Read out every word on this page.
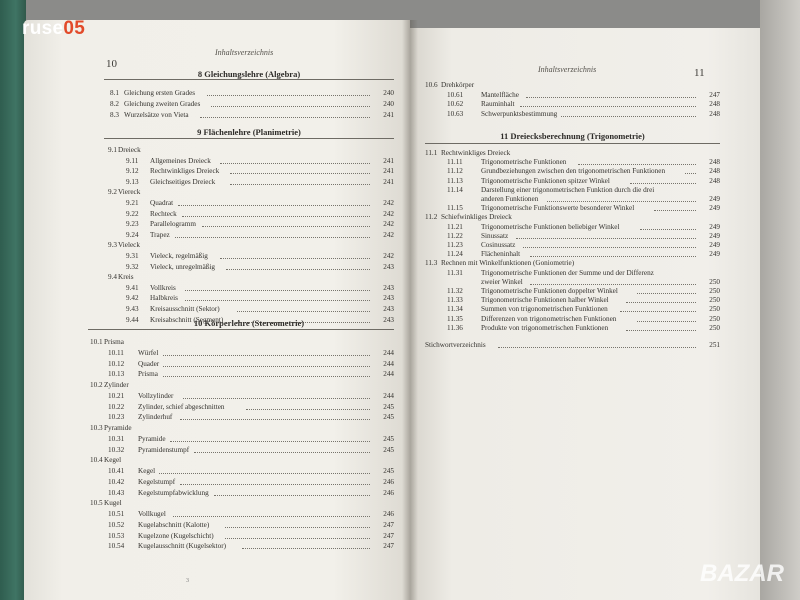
ruse05
Inhaltsverzeichnis
10	Inhaltsverzeichnis	11
8 Gleichungslehre (Algebra)
8.1 Gleichung ersten Grades	240
8.2 Gleichung zweiten Grades	240
8.3 Wurzelsätze von Vieta	241
9 Flächenlehre (Planimetrie)
9.1 Dreieck
9.11 Allgemeines Dreieck	241
9.12 Rechtwinkliges Dreieck	241
9.13 Gleichseitiges Dreieck	241
9.2 Viereck
9.21 Quadrat	242
9.22 Rechteck	242
9.23 Parallelogramm	242
9.24 Trapez	242
9.3 Vieleck
9.31 Vieleck, regelmäßig	242
9.32 Vieleck, unregelmäßig	243
9.4 Kreis
9.41 Vollkreis	243
9.42 Halbkreis	243
9.43 Kreisausschnitt (Sektor)	243
9.44 Kreisabschnitt (Segment)	243
10 Körperlehre (Stereometrie)
10.1 Prisma
10.11 Würfel	244
10.12 Quader	244
10.13 Prisma	244
10.2 Zylinder
10.21 Vollzylinder	244
10.22 Zylinder, schief abgeschnitten	245
10.23 Zylinderhuf	245
10.3 Pyramide
10.31 Pyramide	245
10.32 Pyramidenstumpf	245
10.4 Kegel
10.41 Kegel	245
10.42 Kegelstumpf	246
10.43 Kegelstumpfabwicklung	246
10.5 Kugel
10.51 Vollkugel	246
10.52 Kugelabschnitt (Kalotte)	247
10.53 Kugelzone (Kugelschicht)	247
10.54 Kugelausschnitt (Kugelsektor)	247
10.6 Drehkörper
10.61 Mantelfläche	247
10.62 Rauminhalt	248
10.63 Schwerpunktsbestimmung	248
11 Dreiecksberechnung (Trigonometrie)
11.1 Rechtwinkliges Dreieck
11.11	Trigonometrische Funktionen	248
11.12	Grundbeziehungen zwischen den trigonometrischen Funktionen	248
11.13	Trigonometrische Funktionen spitzer Winkel	248
11.14	Darstellung einer trigonometrischen Funktion durch die drei
anderen Funktionen	249
11.15	Trigonometrische Funktionswerte besonderer Winkel	249
11.2 Schiefwinkliges Dreieck
11.21	Trigonometrische Funktionen beliebiger Winkel	249
11.22	Sinussatz	249
11.23	Cosinussatz	249
11.24	Flächeninhalt	249
11.3 Rechnen mit Winkelfunktionen (Goniometrie)
11.31	Trigonometrische Funktionen der Summe und der Differenz
zweier Winkel	250
11.32	Trigonometrische Funktionen doppelter Winkel	250
11.33	Trigonometrische Funktionen halber Winkel	250
11.34	Summen von trigonometrischen Funktionen	250
11.35	Differenzen von trigonometrischen Funktionen	250
11.36	Produkte von trigonometrischen Funktionen	250
Stichwortverzeichnis	251
3	BAZAR
